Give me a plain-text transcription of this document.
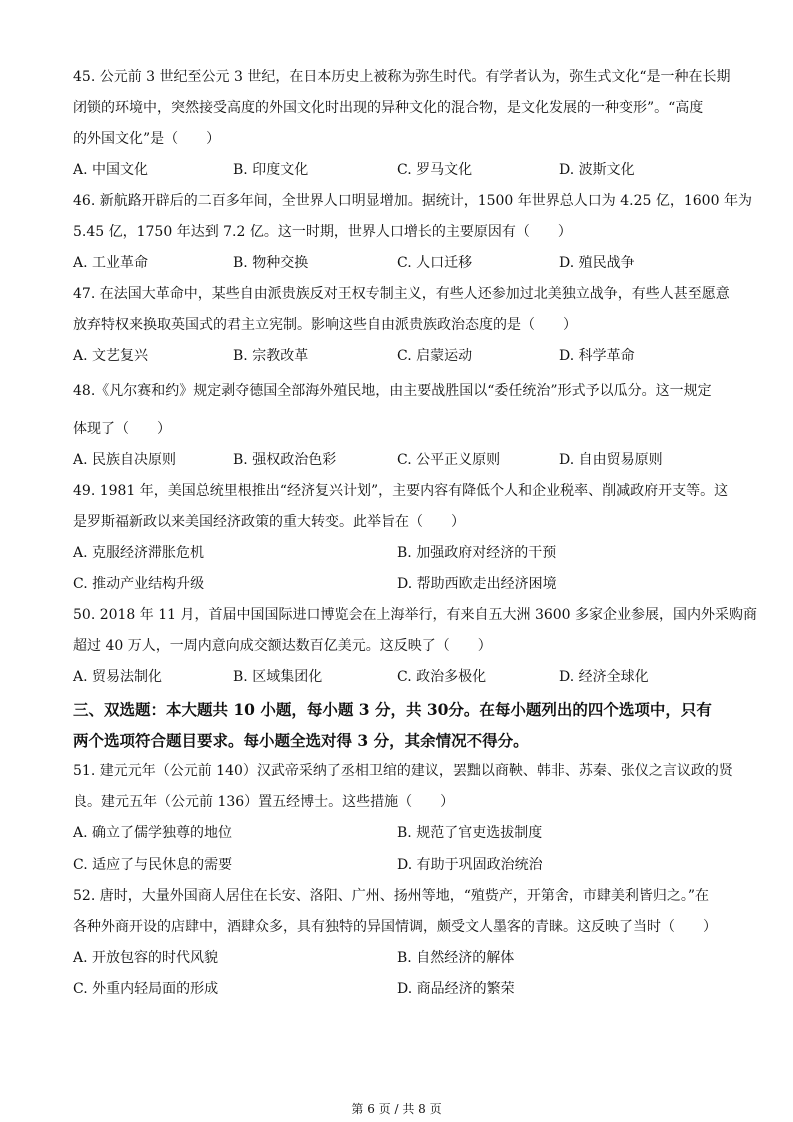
45. 公元前 3 世纪至公元 3 世纪，在日本历史上被称为弥生时代。有学者认为，弥生式文化“是一种在长期
闭锁的环境中，突然接受高度的外国文化时出现的异种文化的混合物，是文化发展的一种变形”。“高度
的外国文化”是（　　）
A. 中国文化	B. 印度文化	C. 罗马文化	D. 波斯文化
46. 新航路开辟后的二百多年间，全世界人口明显增加。据统计，1500 年世界总人口为 4.25 亿，1600 年为
5.45 亿，1750 年达到 7.2 亿。这一时期，世界人口增长的主要原因有（　　）
A. 工业革命	B. 物种交换	C. 人口迁移	D. 殖民战争
47. 在法国大革命中，某些自由派贵族反对王权专制主义，有些人还参加过北美独立战争，有些人甚至愿意
放弃特权来换取英国式的君主立宪制。影响这些自由派贵族政治态度的是（　　）
A. 文艺复兴	B. 宗教改革	C. 启蒙运动	D. 科学革命
48.《凡尔赛和约》规定剥夺德国全部海外殖民地，由主要战胜国以“委任统治”形式予以瓜分。这一规定
体现了（　　）
A. 民族自决原则	B. 强权政治色彩	C. 公平正义原则	D. 自由贸易原则
49. 1981 年，美国总统里根推出“经济复兴计划”，主要内容有降低个人和企业税率、削减政府开支等。这
是罗斯福新政以来美国经济政策的重大转变。此举旨在（　　）
A. 克服经济滞胀危机	B. 加强政府对经济的干预
C. 推动产业结构升级	D. 帮助西欧走出经济困境
50. 2018 年 11 月，首届中国国际进口博览会在上海举行，有来自五大洲 3600 多家企业参展，国内外采购商
超过 40 万人，一周内意向成交额达数百亿美元。这反映了（　　）
A. 贸易法制化	B. 区域集团化	C. 政治多极化	D. 经济全球化
三、双选题：本大题共 10 小题，每小题 3 分，共 30分。在每小题列出的四个选项中，只有
两个选项符合题目要求。每小题全选对得 3 分，其余情况不得分。
51. 建元元年（公元前 140）汉武帝采纳了丞相卫绾的建议，罢黜以商鞅、韩非、苏秦、张仪之言议政的贤
良。建元五年（公元前 136）置五经博士。这些措施（　　）
A. 确立了儒学独尊的地位	B. 规范了官吏选拔制度
C. 适应了与民休息的需要	D. 有助于巩固政治统治
52. 唐时，大量外国商人居住在长安、洛阳、广州、扬州等地，“殖赀产，开第舍，市肆美利皆归之。”在
各种外商开设的店肆中，酒肆众多，具有独特的异国情调，颇受文人墨客的青睐。这反映了当时（　　）
A. 开放包容的时代风貌	B. 自然经济的解体
C. 外重内轻局面的形成	D. 商品经济的繁荣
第 6 页 / 共 8 页
